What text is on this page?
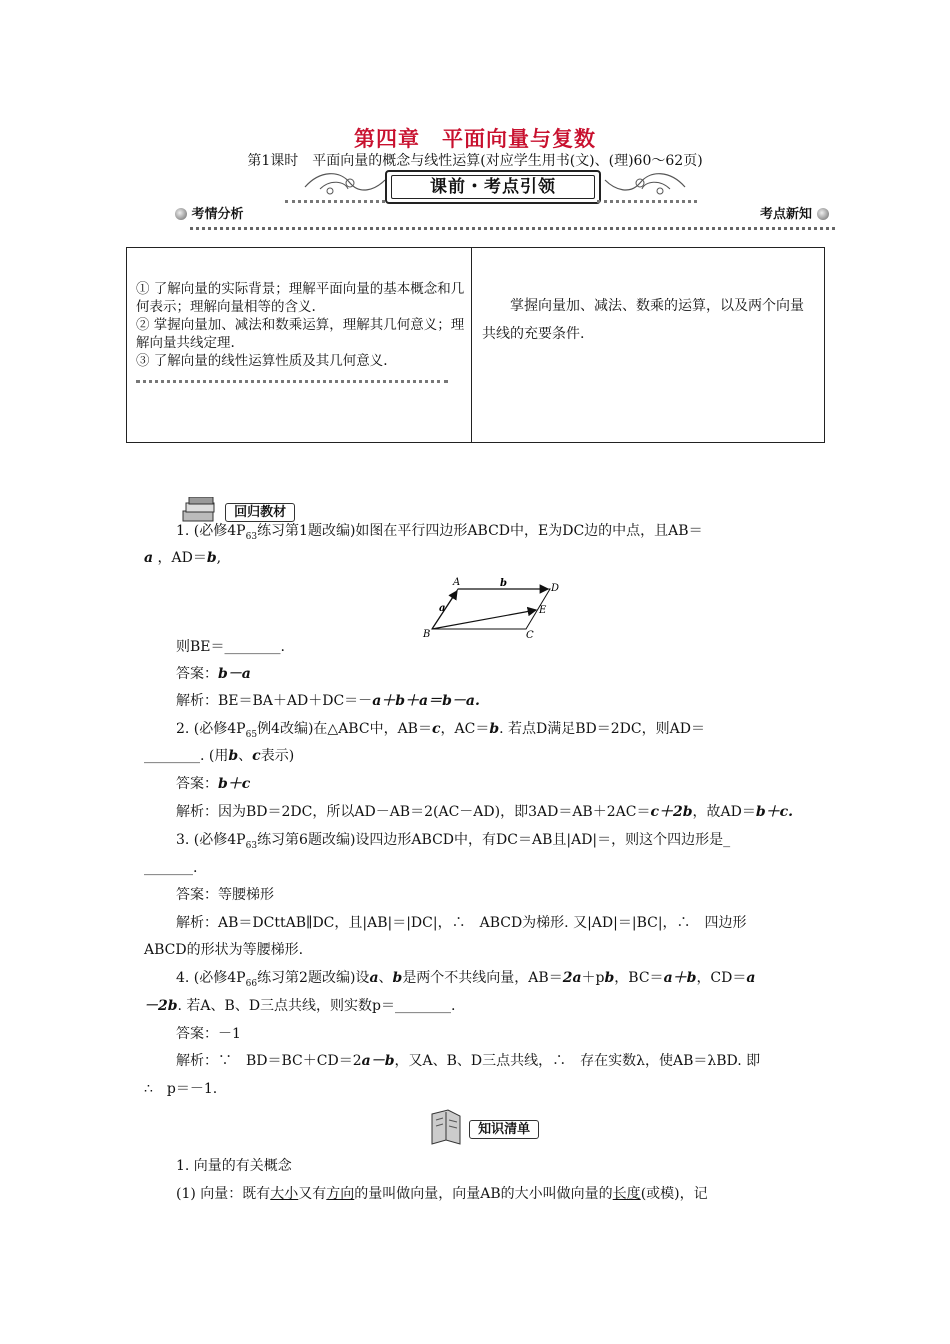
第四章　平面向量与复数
第1课时　平面向量的概念与线性运算(对应学生用书(文)、(理)60～62页)
课前・考点引领
考情分析	考点新知
① 了解向量的实际背景；理解平面向量的基本概念和几何表示；理解向量相等的含义.
② 掌握向量加、减法和数乘运算，理解其几何意义；理解向量共线定理.
③ 了解向量的线性运算性质及其几何意义.
掌握向量加、减法、数乘的运算，以及两个向量共线的充要条件.
回归教材
1. (必修$4P_{63}$练习第1题改编)如图在平行四边形ABCD中，E为DC边的中点，且AB＝
a ，AD＝b,
A
D
B	C
E
b
a
则BE＝________.
答案：b－a
解析：BE＝BA＋AD＋DC＝－a＋b＋a＝b－a.
2. (必修$4P_{65}$例4改编)在△ABC中，AB＝c，AC＝b. 若点D满足BD＝2DC，则AD＝
________. (用b、c表示)
答案：b＋c
解析：因为BD＝2DC，所以AD－AB＝2(AC－AD)，即3AD＝AB＋2AC＝c＋2b，故AD＝b＋c.
3. (必修$4P_{63}$练习第6题改编)设四边形ABCD中，有DC＝AB且|AD|＝，则这个四边形是_
_______.
答案：等腰梯形
解析：AB＝DCttAB∥DC，且|AB|＝|DC|，∴　ABCD为梯形. 又|AD|＝|BC|，∴　四边形
ABCD的形状为等腰梯形.
4. (必修$4P_{66}$练习第2题改编)设a、b是两个不共线向量，AB＝2a＋pb，BC＝a＋b，CD＝a
－2b. 若A、B、D三点共线，则实数p＝________.
答案：－1
解析：∵　BD＝BC＋CD＝2a－b，又A、B、D三点共线，∴　存在实数λ，使AB＝λBD. 即
∴　p＝－1.
知识清单
1. 向量的有关概念
(1) 向量：既有大小又有方向的量叫做向量，向量AB的大小叫做向量的长度(或模)，记
